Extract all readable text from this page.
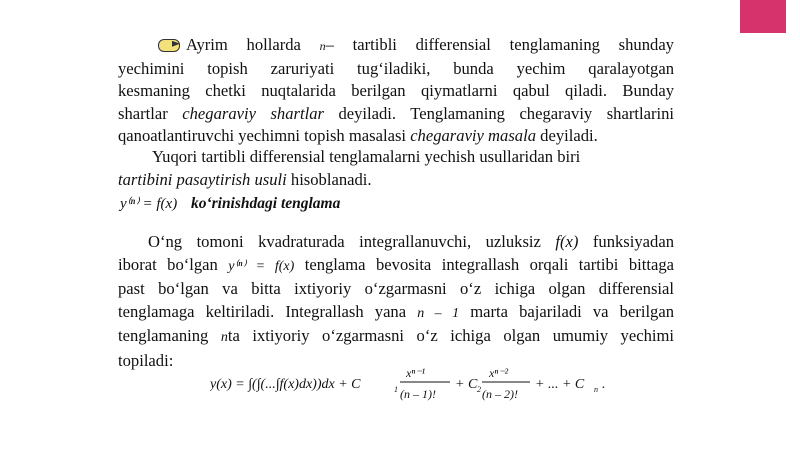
Ayrim hollarda n– tartibli differensial tenglamaning shunday
yechimini topish zaruriyati tug‘iladiki, bunda yechim qaralayotgan
kesmaning chetki nuqtalarida berilgan qiymatlarni qabul qiladi. Bunday
shartlar chegaraviy shartlar deyiladi. Tenglamaning chegaraviy shartlarini
qanoatlantiruvchi yechimni topish masalasi chegaraviy masala deyiladi.
Yuqori tartibli differensial tenglamalarni yechish usullaridan biri
tartibini pasaytirish usuli hisoblanadi.
y⁽ⁿ⁾ = f(x) ko‘rinishdagi tenglama
O‘ng tomoni kvadraturada integrallanuvchi, uzluksiz f(x) funksiyadan
iborat bo‘lgan y⁽ⁿ⁾ = f(x) tenglama bevosita integrallash orqali tartibi bittaga
past bo‘lgan va bitta ixtiyoriy o‘zgarmasni o‘z ichiga olgan differensial
tenglamaga keltiriladi. Integrallash yana n – 1 marta bajariladi va berilgan
tenglamaning nta ixtiyoriy o‘zgarmasni o‘z ichiga olgan umumiy yechimi
topiladi:
y(x) = ∫(∫(...∫f(x)dx))dx + C	1
xⁿ⁻¹
(n – 1)!
+ C 2
xⁿ⁻²
(n – 2)!
+ ... + C n .
